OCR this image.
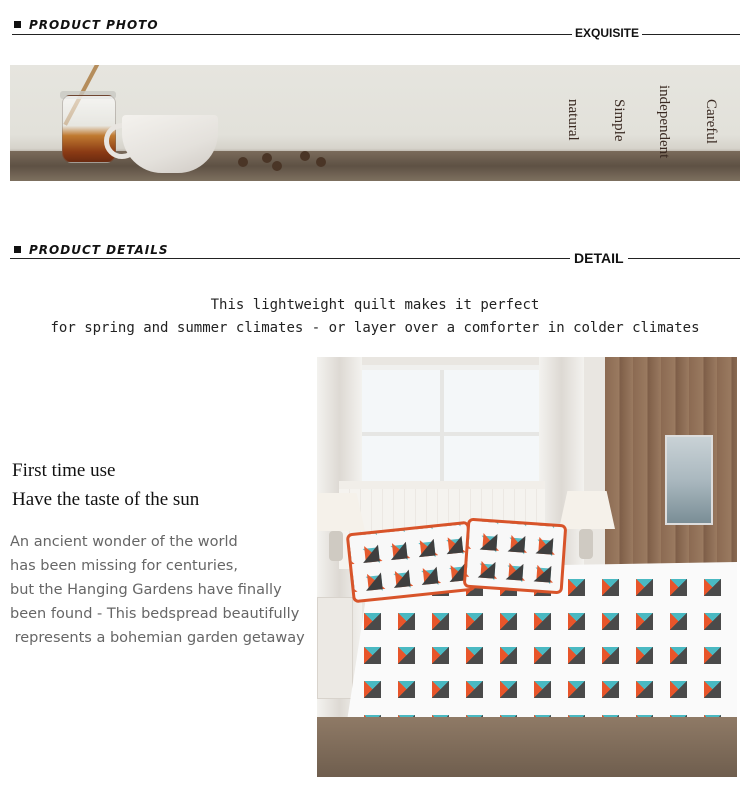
PRODUCT PHOTO
EXQUISITE
natural Simple independent Careful
PRODUCT DETAILS	DETAIL
This lightweight quilt makes it perfect
for spring and summer climates - or layer over a comforter in colder climates
First time use
Have the taste of the sun
An ancient wonder of the world
has been missing for centuries,
but the Hanging Gardens have finally
been found - This bedspread beautifully
represents a bohemian garden getaway
